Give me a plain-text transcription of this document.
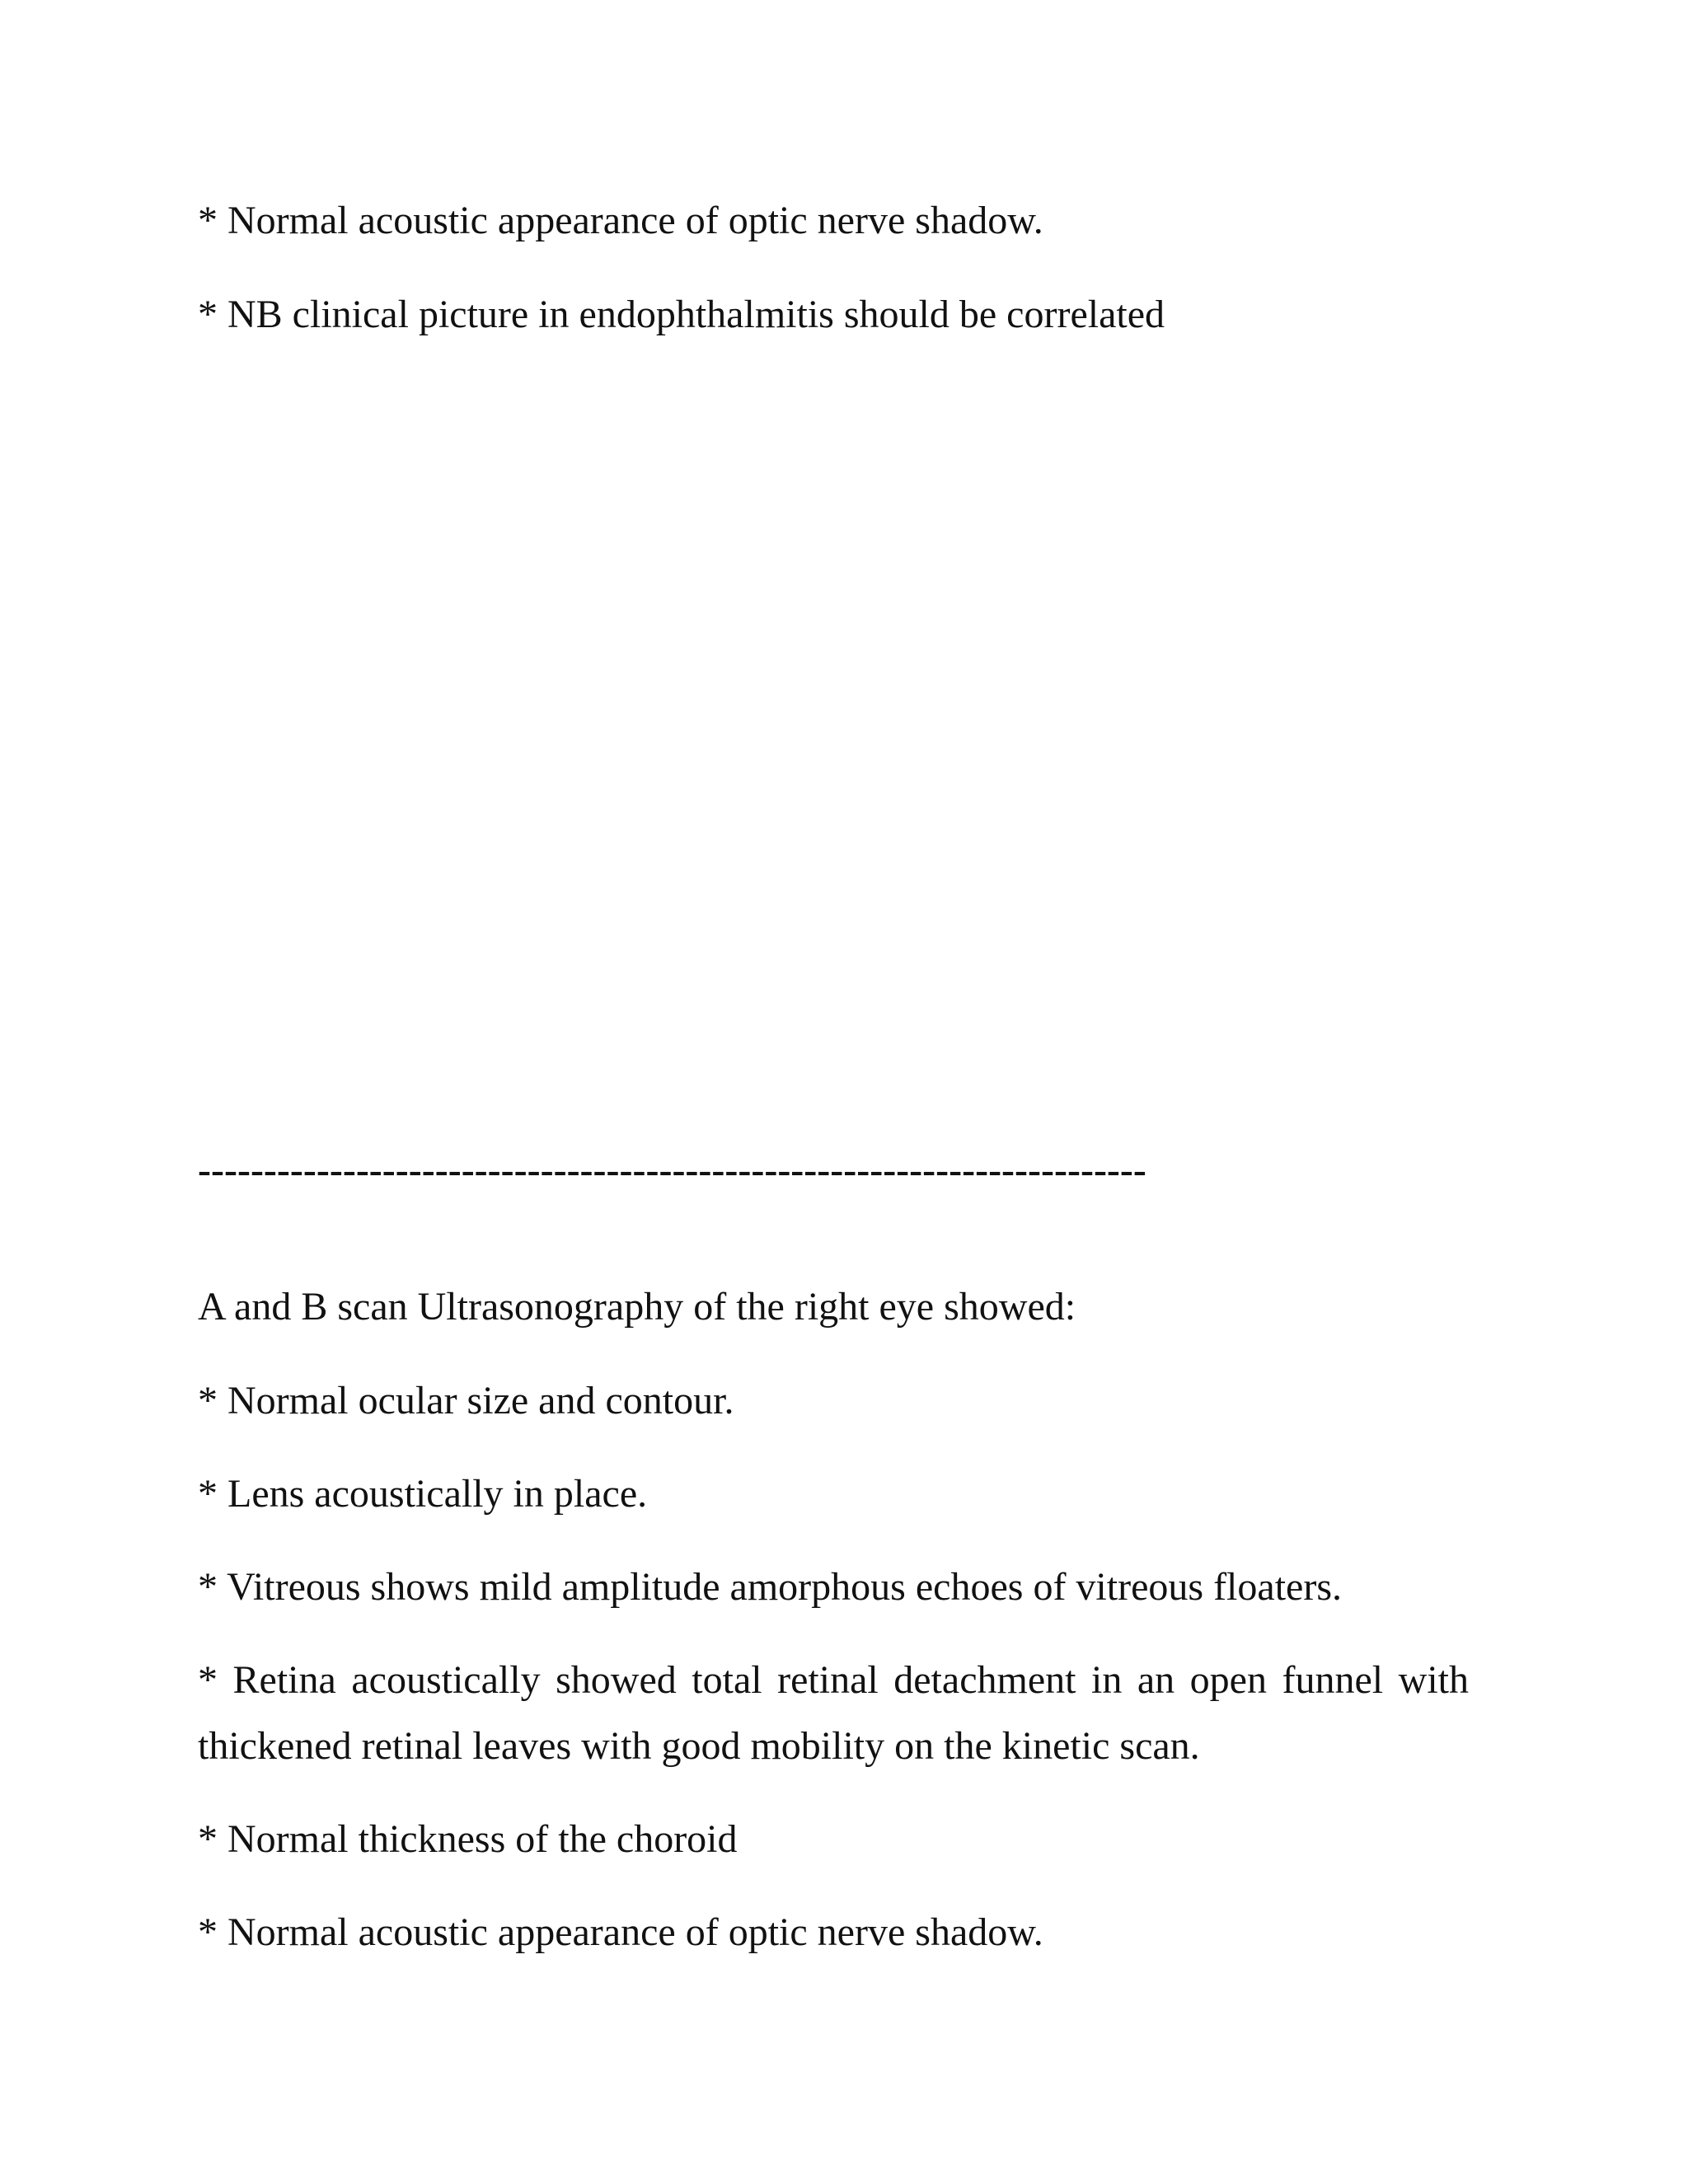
* Normal acoustic appearance of optic nerve shadow.

* NB clinical picture in endophthalmitis should be correlated

------------------------------------------------------------------------

A and B scan Ultrasonography of the right eye showed:

* Normal ocular size and contour.

* Lens acoustically in place.

* Vitreous shows mild amplitude amorphous echoes of vitreous floaters.

* Retina acoustically showed total retinal detachment in an open funnel with thickened retinal leaves with good mobility on the kinetic scan.

* Normal thickness of the choroid

* Normal acoustic appearance of optic nerve shadow.
